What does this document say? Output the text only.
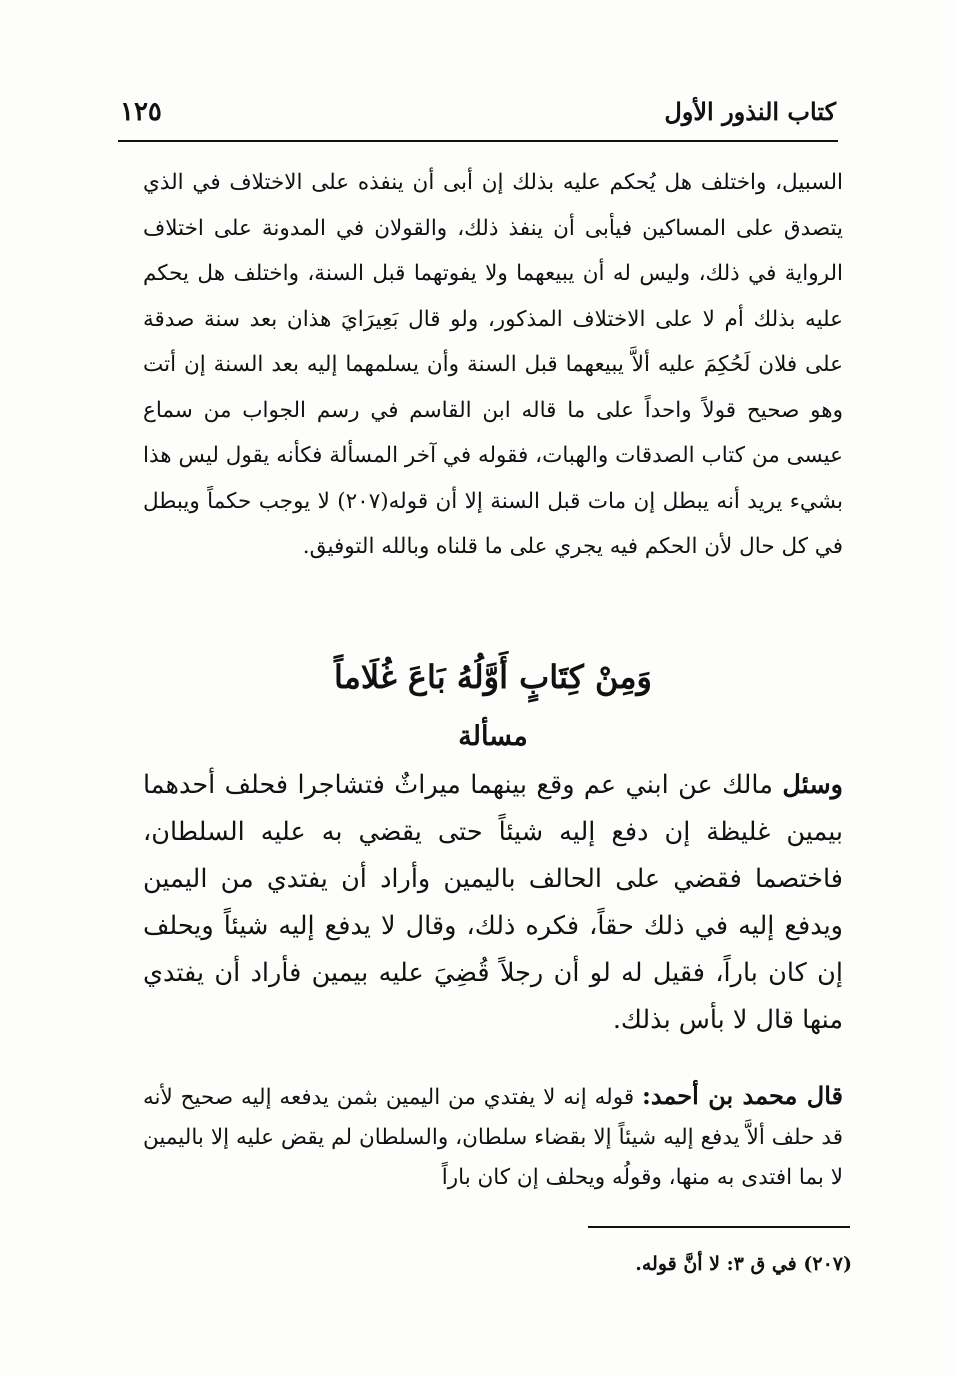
كتاب النذور الأول
١٢٥

السبيل، واختلف هل يُحكم عليه بذلك إن أبى أن ينفذه على الاختلاف في الذي يتصدق على المساكين فيأبى أن ينفذ ذلك، والقولان في المدونة على اختلاف الرواية في ذلك، وليس له أن يبيعهما ولا يفوتهما قبل السنة، واختلف هل يحكم عليه بذلك أم لا على الاختلاف المذكور، ولو قال بَعِيرَايَ هذان بعد سنة صدقة على فلان لَحُكِمَ عليه ألاَّ يبيعهما قبل السنة وأن يسلمهما إليه بعد السنة إن أتت وهو صحيح قولاً واحداً على ما قاله ابن القاسم في رسم الجواب من سماع عيسى من كتاب الصدقات والهبات، فقوله في آخر المسألة فكأنه يقول ليس هذا بشيء يريد أنه يبطل إن مات قبل السنة إلا أن قوله(٢٠٧) لا يوجب حكماً ويبطل في كل حال لأن الحكم فيه يجري على ما قلناه وبالله التوفيق.

وَمِنْ كِتَابٍ أَوَّلُهُ بَاعَ غُلَاماً
مسألة

وسئل مالك عن ابني عم وقع بينهما ميراثٌ فتشاجرا فحلف أحدهما بيمين غليظة إن دفع إليه شيئاً حتى يقضي به عليه السلطان، فاختصما فقضي على الحالف باليمين وأراد أن يفتدي من اليمين ويدفع إليه في ذلك حقاً، فكره ذلك، وقال لا يدفع إليه شيئاً ويحلف إن كان باراً، فقيل له لو أن رجلاً قُضِيَ عليه بيمين فأراد أن يفتدي منها قال لا بأس بذلك.

قال محمد بن أحمد: قوله إنه لا يفتدي من اليمين بثمن يدفعه إليه صحيح لأنه قد حلف ألاَّ يدفع إليه شيئاً إلا بقضاء سلطان، والسلطان لم يقض عليه إلا باليمين لا بما افتدى به منها، وقولُه ويحلف إن كان باراً

(٢٠٧) في ق ٣: لا أنَّ قوله.
